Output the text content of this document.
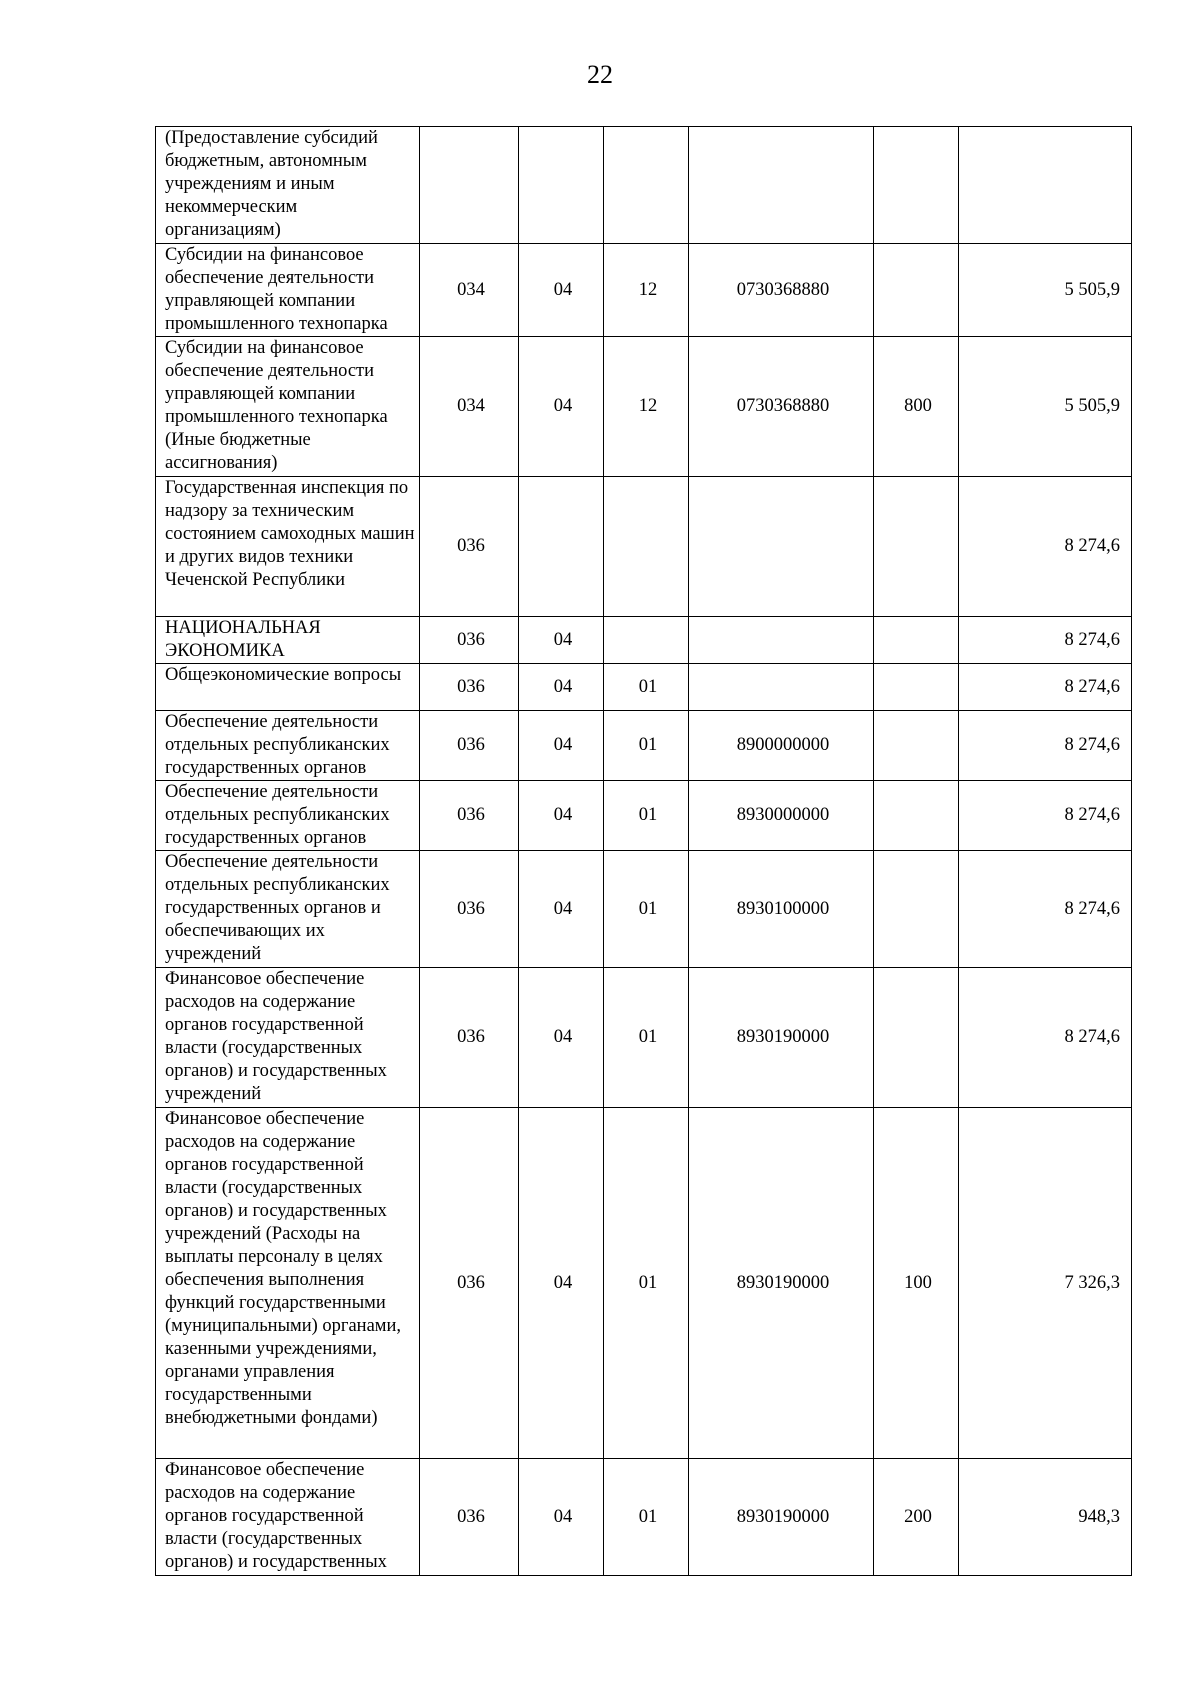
22
(Предоставление субсидий бюджетным, автономным учреждениям и иным некоммерческим организациям)						
Субсидии на финансовое обеспечение деятельности управляющей компании промышленного технопарка	034	04	12	0730368880		5 505,9
Субсидии на финансовое обеспечение деятельности управляющей компании промышленного технопарка (Иные бюджетные ассигнования)	034	04	12	0730368880	800	5 505,9
Государственная инспекция по надзору за техническим состоянием самоходных машин и других видов техники Чеченской Республики	036					8 274,6
НАЦИОНАЛЬНАЯ ЭКОНОМИКА	036	04				8 274,6
Общеэкономические вопросы	036	04	01			8 274,6
Обеспечение деятельности отдельных республиканских государственных органов	036	04	01	8900000000		8 274,6
Обеспечение деятельности отдельных республиканских государственных органов	036	04	01	8930000000		8 274,6
Обеспечение деятельности отдельных республиканских государственных органов и обеспечивающих их учреждений	036	04	01	8930100000		8 274,6
Финансовое обеспечение расходов на содержание органов государственной власти (государственных органов) и государственных учреждений	036	04	01	8930190000		8 274,6
Финансовое обеспечение расходов на содержание органов государственной власти (государственных органов) и государственных учреждений (Расходы на выплаты персоналу в целях обеспечения выполнения функций государственными (муниципальными) органами, казенными учреждениями, органами управления государственными внебюджетными фондами)	036	04	01	8930190000	100	7 326,3
Финансовое обеспечение расходов на содержание органов государственной власти (государственных органов) и государственных	036	04	01	8930190000	200	948,3
